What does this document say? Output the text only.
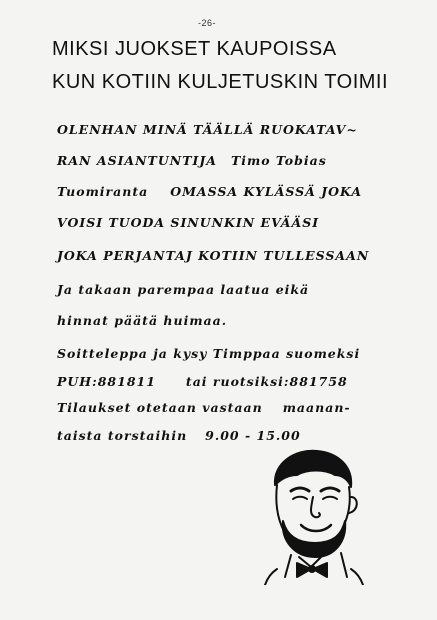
-26-
MIKSI JUOKSET KAUPOISSA
KUN KOTIIN KULJETUSKIN TOIMII
OLENHAN MINÄ TÄÄLLÄ RUOKATAV~
RAN ASIANTUNTIJA Timo Tobias
Tuomiranta OMASSA KYLÄSSÄ JOKA
VOISI TUODA SINUNKIN EVÄÄSI
JOKA PERJANTAJ KOTIIN TULLESSAAN
Ja takaan parempaa laatua eikä
hinnat päätä huimaa.
Soitteleppa ja kysy Timppaa suomeksi
PUH:881811 tai ruotsiksi:881758
Tilaukset otetaan vastaan maanan-
taista torstaihin 9.00 - 15.00
